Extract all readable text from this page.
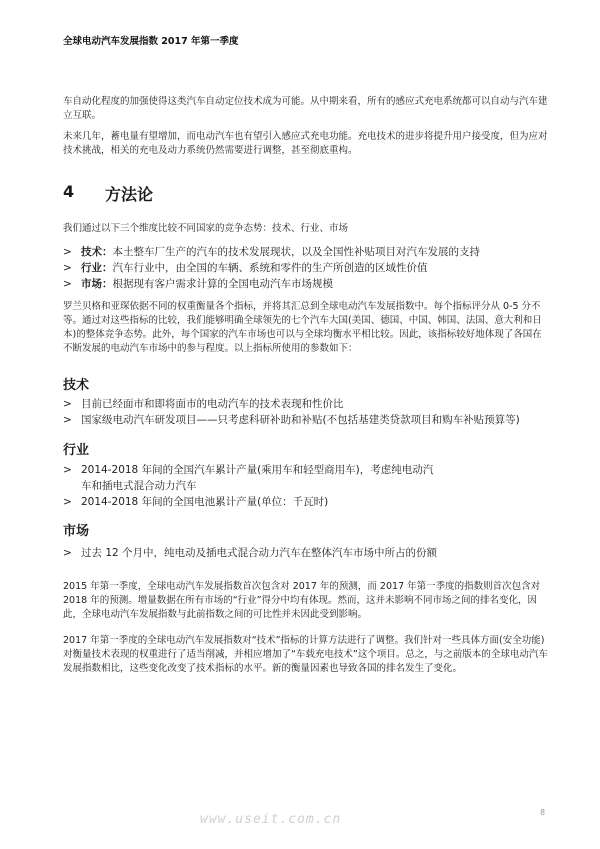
全球电动汽车发展指数 2017 年第一季度
车自动化程度的加强使得这类汽车自动定位技术成为可能。从中期来看，所有的感应式充电系统都可以自动与汽车建立互联。
未来几年，蓄电量有望增加，而电动汽车也有望引入感应式充电功能。充电技术的进步将提升用户接受度，但为应对技术挑战，相关的充电及动力系统仍然需要进行调整，甚至彻底重构。
4 方法论
我们通过以下三个维度比较不同国家的竞争态势：技术、行业、市场
> 技术：本土整车厂生产的汽车的技术发展现状，以及全国性补贴项目对汽车发展的支持
> 行业：汽车行业中，由全国的车辆、系统和零件的生产所创造的区域性价值
> 市场：根据现有客户需求计算的全国电动汽车市场规模
罗兰贝格和亚琛依据不同的权重衡量各个指标，并将其汇总到全球电动汽车发展指数中。每个指标评分从 0-5 分不等。通过对这些指标的比较，我们能够明确全球领先的七个汽车大国(美国、德国、中国、韩国、法国、意大利和日本)的整体竞争态势。此外，每个国家的汽车市场也可以与全球均衡水平相比较。因此，该指标较好地体现了各国在不断发展的电动汽车市场中的参与程度。以上指标所使用的参数如下：
技术
> 目前已经面市和即将面市的电动汽车的技术表现和性价比
> 国家级电动汽车研发项目——只考虑科研补助和补贴(不包括基建类贷款项目和购车补贴预算等)
行业
> 2014-2018 年间的全国汽车累计产量(乘用车和轻型商用车)，考虑纯电动汽车和插电式混合动力汽车
> 2014-2018 年间的全国电池累计产量(单位：千瓦时)
市场
> 过去 12 个月中，纯电动及插电式混合动力汽车在整体汽车市场中所占的份额
2015 年第一季度，全球电动汽车发展指数首次包含对 2017 年的预测，而 2017 年第一季度的指数则首次包含对 2018 年的预测。增量数据在所有市场的“行业”得分中均有体现。然而，这并未影响不同市场之间的排名变化，因此，全球电动汽车发展指数与此前指数之间的可比性并未因此受到影响。
2017 年第一季度的全球电动汽车发展指数对“技术”指标的计算方法进行了调整。我们针对一些具体方面(安全功能)对衡量技术表现的权重进行了适当削减，并相应增加了“车载充电技术”这个项目。总之，与之前版本的全球电动汽车发展指数相比，这些变化改变了技术指标的水平。新的衡量因素也导致各国的排名发生了变化。
www.useit.com.cn	8
